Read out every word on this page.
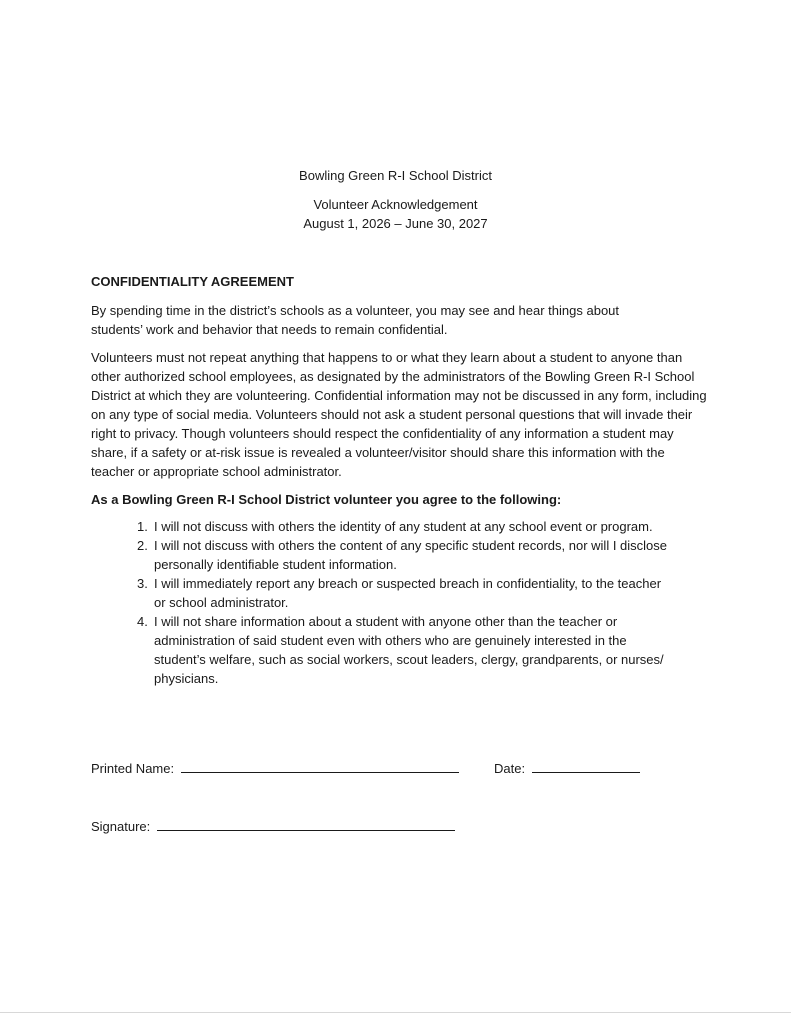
Bowling Green R-I School District
Volunteer Acknowledgement
August 1, 2026 – June 30, 2027
CONFIDENTIALITY AGREEMENT

By spending time in the district’s schools as a volunteer, you may see and hear things about students’ work and behavior that needs to remain confidential.

Volunteers must not repeat anything that happens to or what they learn about a student to anyone than other authorized school employees, as designated by the administrators of the Bowling Green R-I School District at which they are volunteering. Confidential information may not be discussed in any form, including on any type of social media. Volunteers should not ask a student personal questions that will invade their right to privacy. Though volunteers should respect the confidentiality of any information a student may share, if a safety or at-risk issue is revealed a volunteer/visitor should share this information with the teacher or appropriate school administrator.

As a Bowling Green R-I School District volunteer you agree to the following:
1. I will not discuss with others the identity of any student at any school event or program.
2. I will not discuss with others the content of any specific student records, nor will I disclose personally identifiable student information.
3. I will immediately report any breach or suspected breach in confidentiality, to the teacher or school administrator.
4. I will not share information about a student with anyone other than the teacher or administration of said student even with others who are genuinely interested in the student’s welfare, such as social workers, scout leaders, clergy, grandparents, or nurses/ physicians.
Printed Name:	Date:
Signature:
